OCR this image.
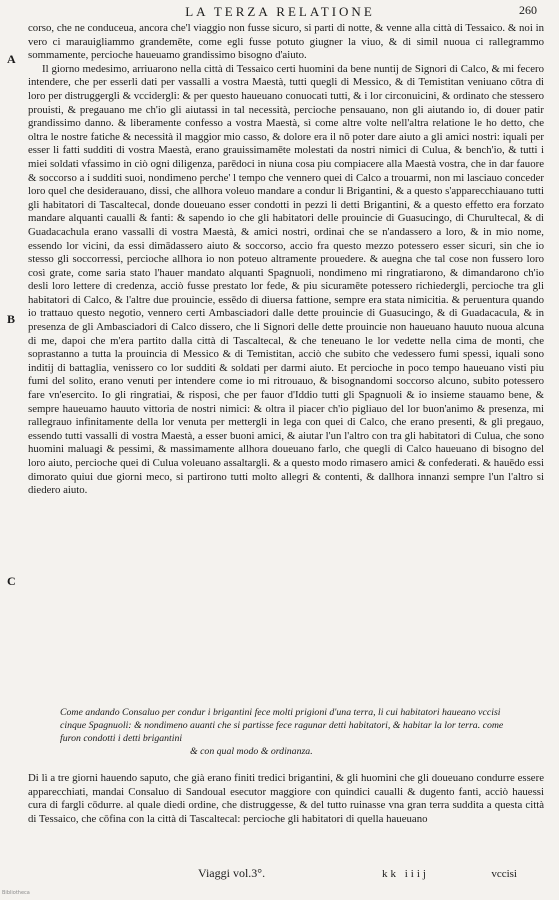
LA TERZA RELATIONE	260
A
B
C

corso, che ne conduceua, ancora che'l viaggio non fusse sicuro, si parti di notte, & venne alla città di Tessaico. & noi in vero ci marauigliammo grandemēte, come egli fusse potuto giugner la viuo, & di simil nuoua ci rallegrammo sommamente, percioche haueuamo grandissimo bisogno d'aiuto.

Il giorno medesimo, arriuarono nella città di Tessaico certi huomini da bene nuntij de Signori di Calco, & mi fecero intendere, che per esserli dati per vassalli a vostra Maestà, tutti quegli di Messico, & di Temistitan veniuano cōtra di loro per distruggergli & vccidergli: & per questo haueuano conuocati tutti, & i lor circonuicini, & ordinato che stessero prouisti, & pregauano me ch'io gli aiutassi in tal necessità, percioche pensauano, non gli aiutando io, di douer patir grandissimo danno. & liberamente confesso a vostra Maestà, sì come altre volte nell'altra relatione le ho detto, che oltra le nostre fatiche & necessità il maggior mio casso, & dolore era il nō poter dare aiuto a gli amici nostri: iquali per esser li fatti sudditi di vostra Maestà, erano grauissimamēte molestati da nostri nimici di Culua, & bench'io, & tutti i miei soldati vfassimo in ciò ogni diligenza, parēdoci in niuna cosa piu compiacere alla Maestà vostra, che in dar fauore & soccorso a i sudditi suoi, nondimeno perche' l tempo che vennero quei di Calco a trouarmi, non mi lasciauo conceder loro quel che desiderauano, dissi, che allhora voleuo mandare a condur li Brigantini, & a questo s'apparecchiauano tutti gli habitatori di Tascaltecal, donde doueuano esser condotti in pezzi li detti Brigantini, & a questo effetto era forzato mandare alquanti caualli & fanti: & sapendo io che gli habitatori delle prouincie di Guasucingo, di Churultecal, & di Guadacachula erano vassalli di vostra Maestà, & amici nostri, ordinai che se n'andassero a loro, & in mio nome, essendo lor vicini, da essi dimādassero aiuto & soccorso, accio fra questo mezzo potessero esser sicuri, sin che io stesso gli soccorressi, percioche allhora io non poteuo altramente prouedere. & auegna che tal cose non fussero loro così grate, come saria stato l'hauer mandato alquanti Spagnuoli, nondimeno mi ringratiarono, & dimandarono ch'io desli loro lettere di credenza, acciò fusse prestato lor fede, & piu sicuramēte potessero richiedergli, percioche tra gli habitatori di Calco, & l'altre due prouincie, essēdo di diuersa fattione, sempre era stata nimicitia. & peruentura quando io trattauo questo negotio, vennero certi Ambasciadori dalle dette prouincie di Guasucingo, & di Guadacacula, & in presenza de gli Ambasciadori di Calco dissero, che li Signori delle dette prouincie non haueuano hauuto nuoua alcuna di me, dapoi che m'era partito dalla città di Tascaltecal, & che teneuano le lor vedette nella cima de monti, che soprastanno a tutta la prouincia di Messico & di Temistitan, acciò che subito che vedessero fumi spessi, iquali sono inditij di battaglia, venissero co lor sudditi & soldati per darmi aiuto. Et percioche in poco tempo haueuano visti piu fumi del solito, erano venuti per intendere come io mi ritrouauo, & bisognandomi soccorso alcuno, subito potessero fare vn'esercito. Io gli ringratiai, & risposi, che per fauor d'Iddio tutti gli Spagnuoli & io insieme stauamo bene, & sempre haueuamo hauuto vittoria de nostri nimici: & oltra il piacer ch'io pigliauo del lor buon'animo & presenza, mi rallegrauo infinitamente della lor venuta per mettergli in lega con quei di Calco, che erano presenti, & gli pregauo, essendo tutti vassalli di vostra Maestà, a esser buoni amici, & aiutar l'un l'altro con tra gli habitatori di Culua, che sono huomini maluagi & pessimi, & massimamente allhora doueuano farlo, che quegli di Calco haueuano di bisogno del loro aiuto, percioche quei di Culua voleuano assaltargli. & a questo modo rimasero amici & confederati. & hauēdo essi dimorato quiui due giorni meco, si partirono tutti molto allegri & contenti, & dallhora innanzi sempre l'un l'altro si diedero aiuto.

Come andando Consaluo per condur i brigantini fece molti prigioni d'una terra, li cui habitatori haueano vccisi cinque Spagnuoli: & nondimeno auanti che si partisse fece ragunar detti habitatori, & habitar la lor terra. come furon condotti i detti brigantini

& con qual modo & ordinanza.

Di lì a tre giorni hauendo saputo, che già erano finiti tredici brigantini, & gli huomini che gli doueuano condurre essere apparecchiati, mandai Consaluo di Sandoual esecutor maggiore con quindici caualli & dugento fanti, acciò hauessi cura di fargli cōdurre. al quale diedi ordine, che distruggesse, & del tutto ruinasse vna gran terra suddita a questa città di Tessaico, che cōfina con la città di Tascaltecal: percioche gli habitatori di quella haueuano

Viaggi vol.3°.	kk iiij	vccisi
Bibliotheca
